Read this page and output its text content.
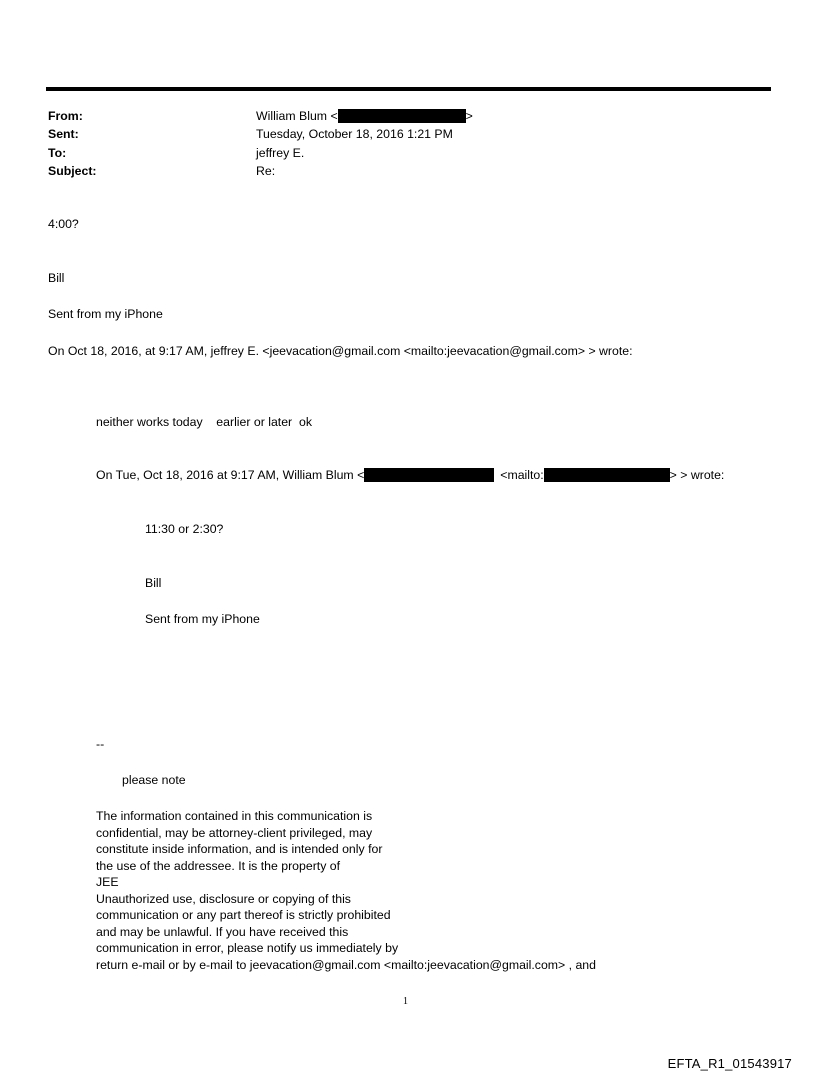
From:	William Blum <	>
Sent:	Tuesday, October 18, 2016 1:21 PM
To:	jeffrey E.
Subject:	Re:
4:00?
Bill
Sent from my iPhone
On Oct 18, 2016, at 9:17 AM, jeffrey E. <jeevacation@gmail.com <mailto:jeevacation@gmail.com> > wrote:
neither works today    earlier or later  ok
On Tue, Oct 18, 2016 at 9:17 AM, William Blum <	<mailto:	> > wrote:
11:30 or 2:30?
Bill
Sent from my iPhone
--
please note
The information contained in this communication is
confidential, may be attorney-client privileged, may
constitute inside information, and is intended only for
the use of the addressee. It is the property of
JEE
Unauthorized use, disclosure or copying of this
communication or any part thereof is strictly prohibited
and may be unlawful. If you have received this
communication in error, please notify us immediately by
return e-mail or by e-mail to jeevacation@gmail.com <mailto:jeevacation@gmail.com> , and
1
EFTA_R1_01543917
